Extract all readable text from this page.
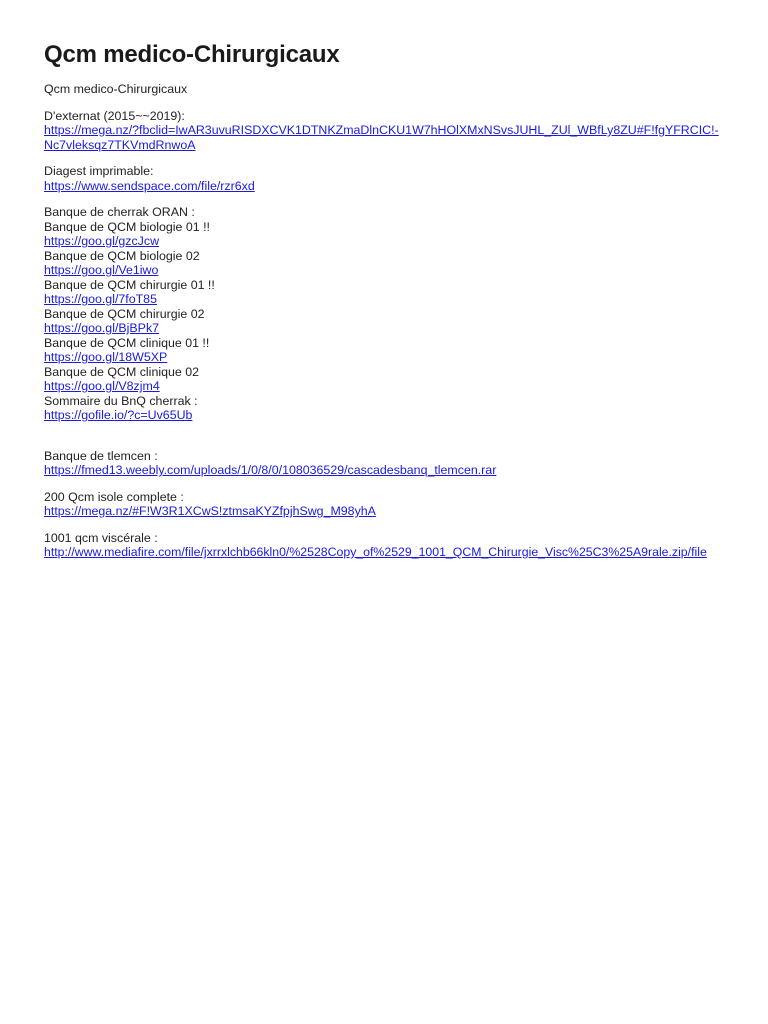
Qcm medico-Chirurgicaux
Qcm medico-Chirurgicaux
D'externat (2015~~2019):
https://mega.nz/?fbclid=IwAR3uvuRISDXCVK1DTNKZmaDlnCKU1W7hHOlXMxNSvsJUHL_ZUl_WBfLy8ZU#F!fgYFRCIC!-
Nc7vleksqz7TKVmdRnwoA
Diagest imprimable:
https://www.sendspace.com/file/rzr6xd
Banque de cherrak ORAN :
Banque de QCM biologie 01 !!
https://goo.gl/gzcJcw
Banque de QCM biologie 02
https://goo.gl/Ve1iwo
Banque de QCM chirurgie 01 !!
https://goo.gl/7foT85
Banque de QCM chirurgie 02
https://goo.gl/BjBPk7
Banque de QCM clinique 01 !!
https://goo.gl/18W5XP
Banque de QCM clinique 02
https://goo.gl/V8zjm4
Sommaire du BnQ cherrak :
https://gofile.io/?c=Uv65Ub
Banque de tlemcen :
https://fmed13.weebly.com/uploads/1/0/8/0/108036529/cascadesbanq_tlemcen.rar
200 Qcm isole complete :
https://mega.nz/#F!W3R1XCwS!ztmsaKYZfpjhSwg_M98yhA
1001 qcm viscérale :
http://www.mediafire.com/file/jxrrxlchb66kln0/%2528Copy_of%2529_1001_QCM_Chirurgie_Visc%25C3%25A9rale.zip/file
